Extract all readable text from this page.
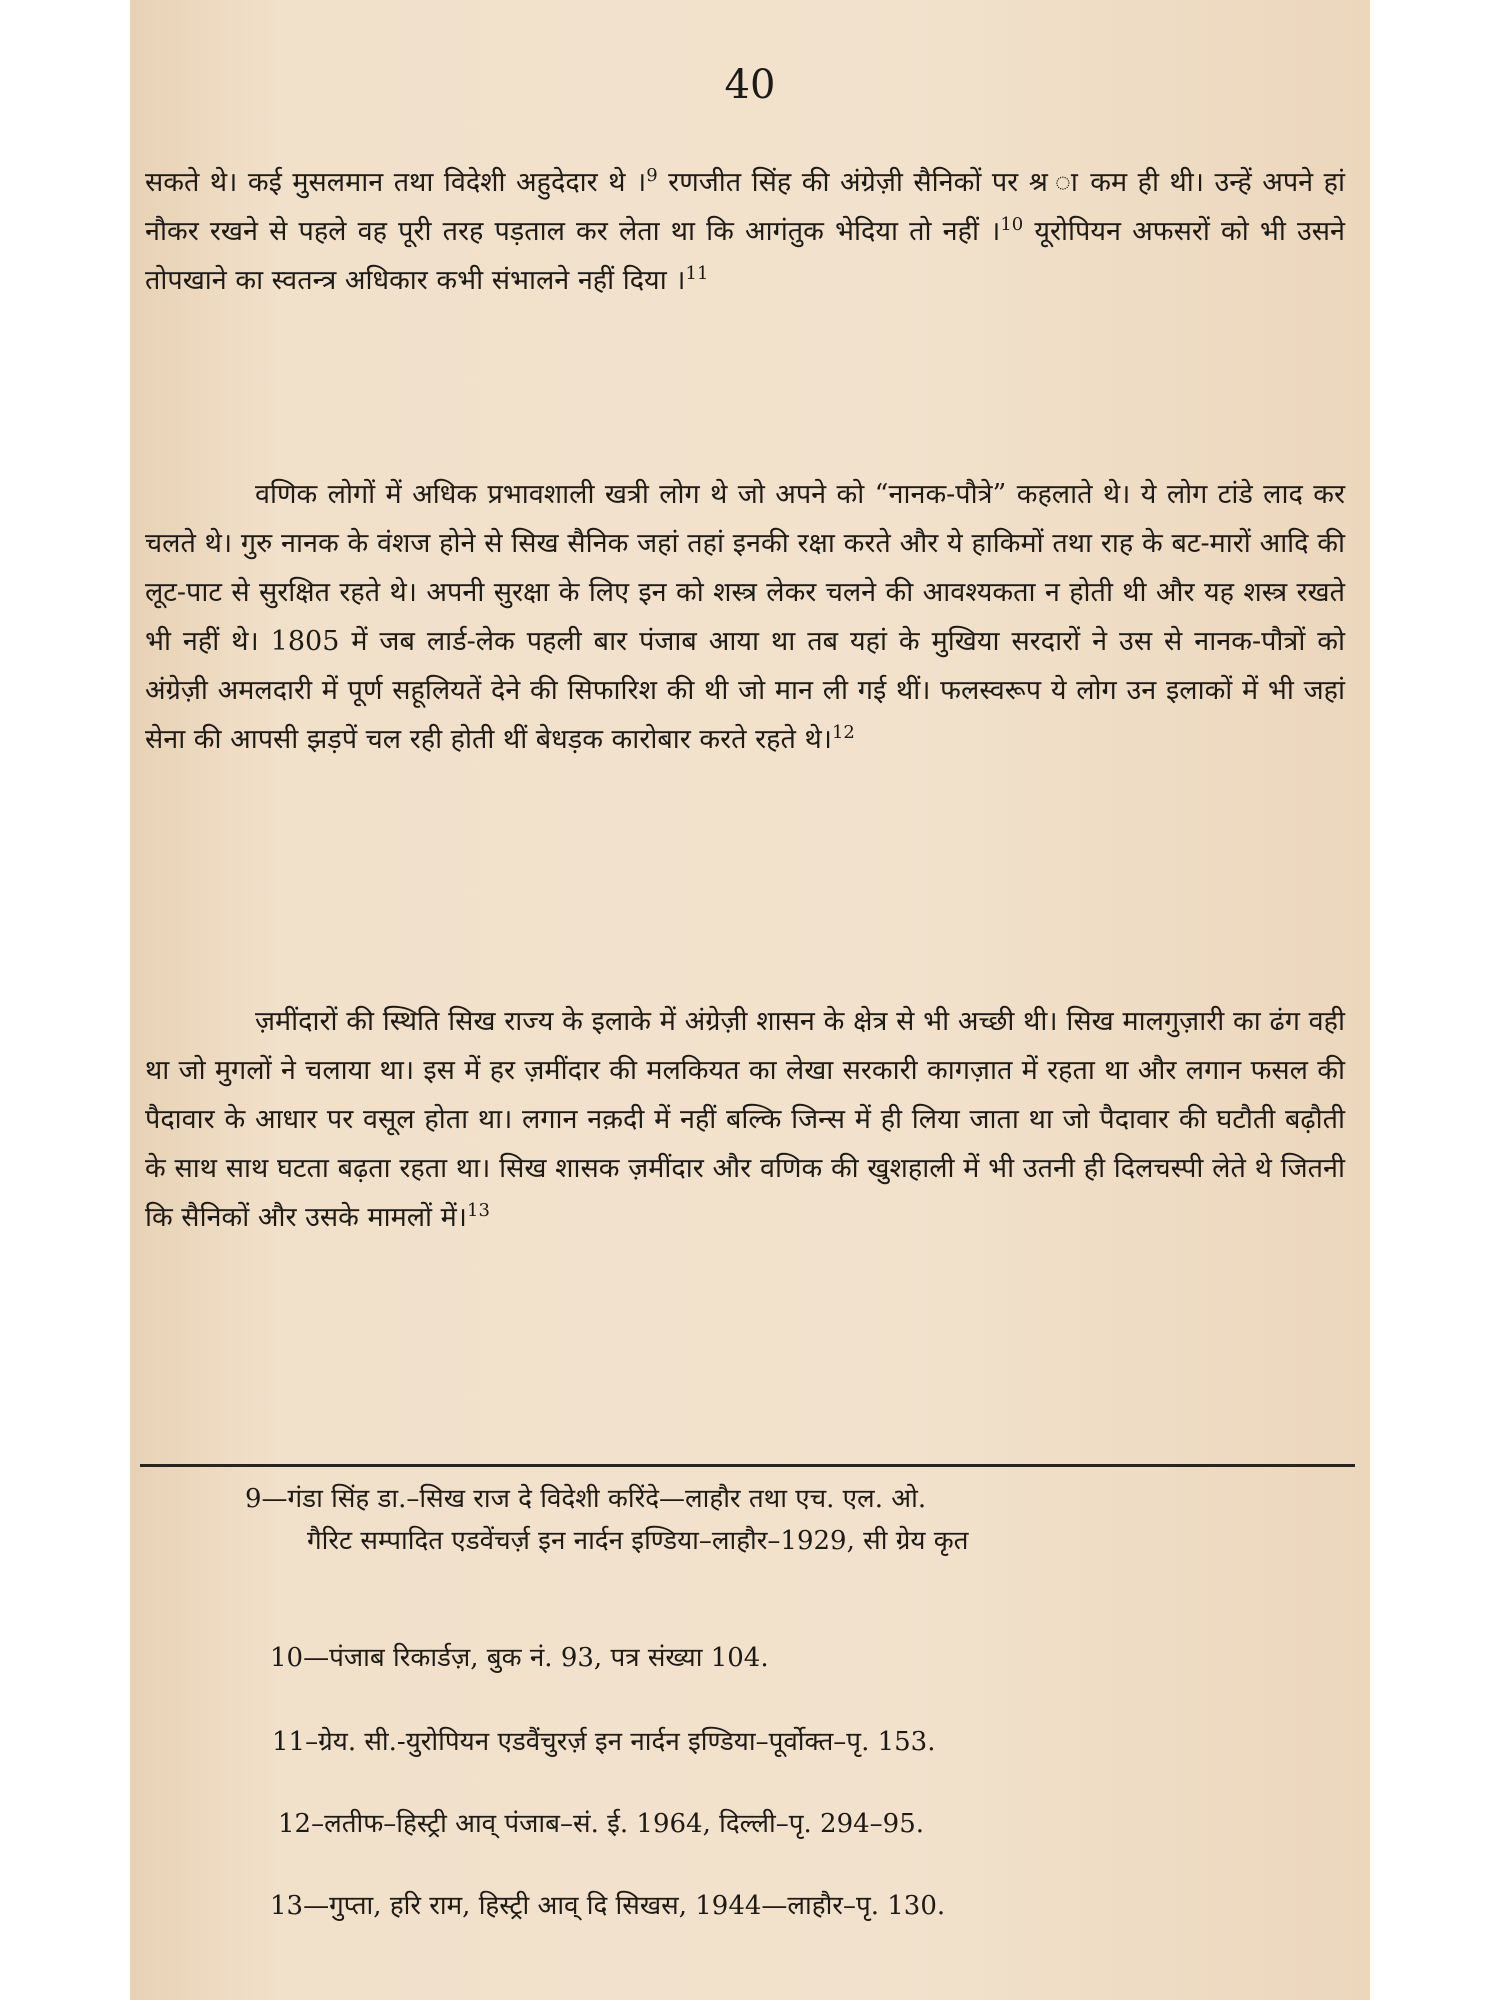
40

सकते थे। कई मुसलमान तथा विदेशी अहुदेदार थे ।$^9$ रणजीत सिंह की अंग्रेज़ी सैनिकों पर श्र ा कम ही थी। उन्हें अपने हां नौकर रखने से पहले वह पूरी तरह पड़ताल कर लेता था कि आगंतुक भेदिया तो नहीं ।$^{10}$ यूरोपियन अफसरों को भी उसने तोपखाने का स्वतन्त्र अधिकार कभी संभालने नहीं दिया ।$^{11}$

वणिक लोगों में अधिक प्रभावशाली खत्री लोग थे जो अपने को “नानक-पौत्रे” कहलाते थे। ये लोग टांडे लाद कर चलते थे। गुरु नानक के वंशज होने से सिख सैनिक जहां तहां इनकी रक्षा करते और ये हाकिमों तथा राह के बट-मारों आदि की लूट-पाट से सुरक्षित रहते थे। अपनी सुरक्षा के लिए इन को शस्त्र लेकर चलने की आवश्यकता न होती थी और यह शस्त्र रखते भी नहीं थे। 1805 में जब लार्ड-लेक पहली बार पंजाब आया था तब यहां के मुखिया सरदारों ने उस से नानक-पौत्रों को अंग्रेज़ी अमलदारी में पूर्ण सहूलियतें देने की सिफारिश की थी जो मान ली गई थीं। फलस्वरूप ये लोग उन इलाकों में भी जहां सेना की आपसी झड़पें चल रही होती थीं बेधड़क कारोबार करते रहते थे।$^{12}$

ज़मींदारों की स्थिति सिख राज्य के इलाके में अंग्रेज़ी शासन के क्षेत्र से भी अच्छी थी। सिख मालगुज़ारी का ढंग वही था जो मुगलों ने चलाया था। इस में हर ज़मींदार की मलकियत का लेखा सरकारी कागज़ात में रहता था और लगान फसल की पैदावार के आधार पर वसूल होता था। लगान नक़दी में नहीं बल्कि जिन्स में ही लिया जाता था जो पैदावार की घटौती बढ़ौती के साथ साथ घटता बढ़ता रहता था। सिख शासक ज़मींदार और वणिक की खुशहाली में भी उतनी ही दिलचस्पी लेते थे जितनी कि सैनिकों और उसके मामलों में।$^{13}$

9—गंडा सिंह डा.–सिख राज दे विदेशी करिंदे—लाहौर तथा एच. एल. ओ.
गैरिट सम्पादित एडवेंचर्ज़ इन नार्दन इण्डिया–लाहौर–1929, सी ग्रेय कृत

10—पंजाब रिकार्डज़, बुक नं. 93, पत्र संख्या 104.

11–ग्रेय. सी.-युरोपियन एडवैंचुरर्ज़ इन नार्दन इण्डिया–पूर्वोक्त–पृ. 153.

12–लतीफ–हिस्ट्री आव् पंजाब–सं. ई. 1964, दिल्ली–पृ. 294–95.

13—गुप्ता, हरि राम, हिस्ट्री आव् दि सिखस, 1944—लाहौर–पृ. 130.
